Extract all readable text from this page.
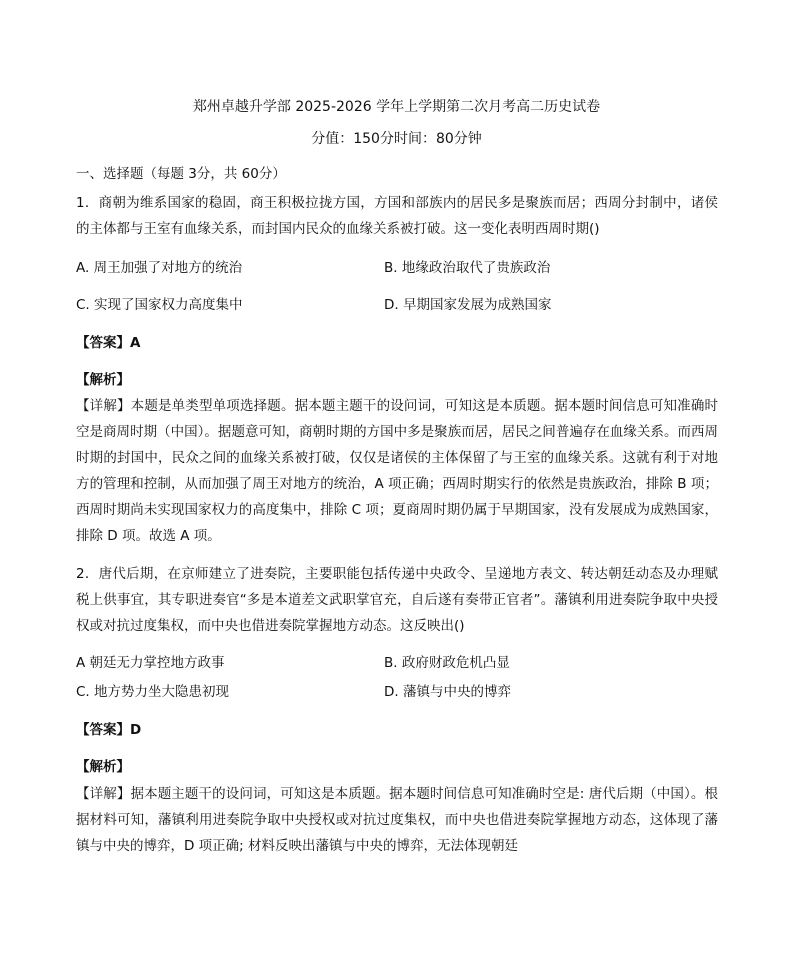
郑州卓越升学部 2025-2026 学年上学期第二次月考高二历史试卷
分值：150分时间：80分钟
一、选择题（每题 3分，共 60分）
1．商朝为维系国家的稳固，商王积极拉拢方国，方国和部族内的居民多是聚族而居；西周分封制中，诸侯的主体都与王室有血缘关系，而封国内民众的血缘关系被打破。这一变化表明西周时期()
A. 周王加强了对地方的统治	B. 地缘政治取代了贵族政治
C. 实现了国家权力高度集中	D. 早期国家发展为成熟国家
【答案】A
【解析】
【详解】本题是单类型单项选择题。据本题主题干的设问词，可知这是本质题。据本题时间信息可知准确时空是商周时期（中国）。据题意可知，商朝时期的方国中多是聚族而居，居民之间普遍存在血缘关系。而西周时期的封国中，民众之间的血缘关系被打破，仅仅是诸侯的主体保留了与王室的血缘关系。这就有利于对地方的管理和控制，从而加强了周王对地方的统治，A 项正确；西周时期实行的依然是贵族政治，排除 B 项；西周时期尚未实现国家权力的高度集中，排除 C 项；夏商周时期仍属于早期国家，没有发展成为成熟国家，排除 D 项。故选 A 项。
2．唐代后期，在京师建立了进奏院，主要职能包括传递中央政令、呈递地方表文、转达朝廷动态及办理赋税上供事宜，其专职进奏官“多是本道差文武职掌官充，自后遂有奏带正官者”。藩镇利用进奏院争取中央授权或对抗过度集权，而中央也借进奏院掌握地方动态。这反映出()
A 朝廷无力掌控地方政事	B. 政府财政危机凸显
C. 地方势力坐大隐患初现	D. 藩镇与中央的博弈
【答案】D
【解析】
【详解】据本题主题干的设问词，可知这是本质题。据本题时间信息可知准确时空是: 唐代后期（中国）。根据材料可知，藩镇利用进奏院争取中央授权或对抗过度集权，而中央也借进奏院掌握地方动态，这体现了藩镇与中央的博弈，D 项正确; 材料反映出藩镇与中央的博弈，无法体现朝廷
